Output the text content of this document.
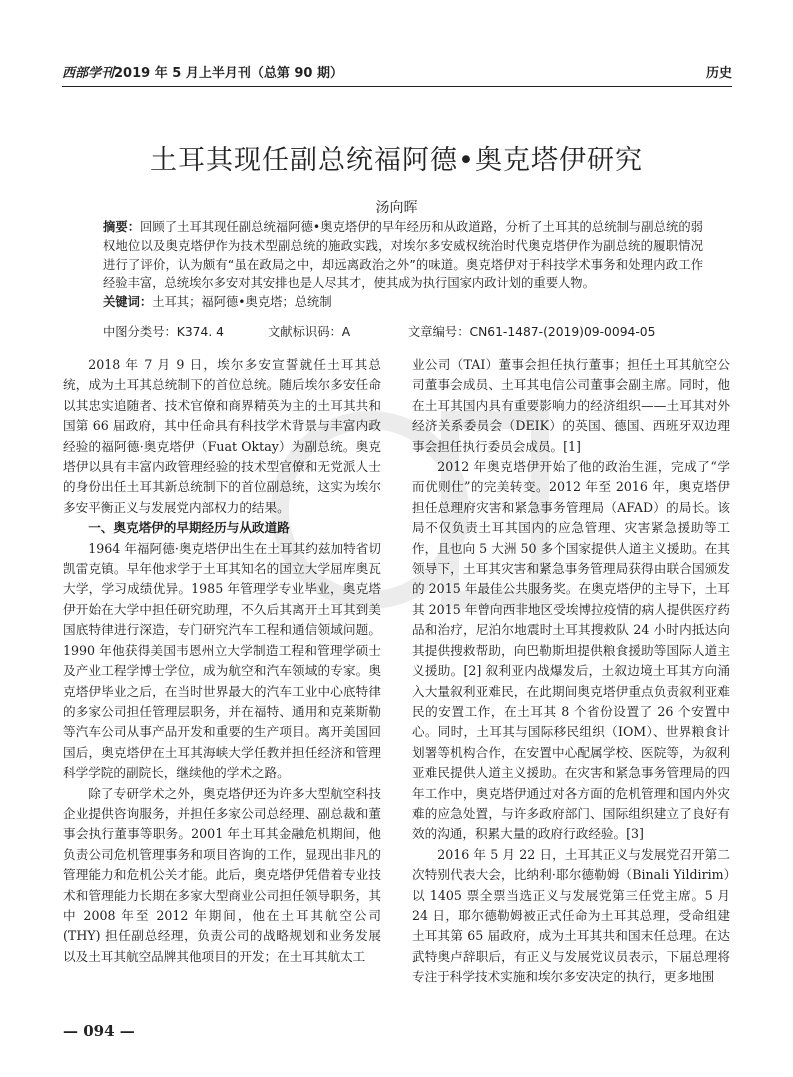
西部学刊2019 年 5 月上半月刊（总第 90 期）	历史
土耳其现任副总统福阿德•奥克塔伊研究
汤向晖
摘要：回顾了土耳其现任副总统福阿德•奥克塔伊的早年经历和从政道路，分析了土耳其的总统制与副总统的弱权地位以及奥克塔伊作为技术型副总统的施政实践，对埃尔多安威权统治时代奥克塔伊作为副总统的履职情况进行了评价，认为颇有“虽在政局之中，却远离政治之外”的味道。奥克塔伊对于科技学术事务和处理内政工作经验丰富，总统埃尔多安对其安排也是人尽其才，使其成为执行国家内政计划的重要人物。
关键词：土耳其；福阿德•奥克塔；总统制
中图分类号：K374. 4	文献标识码：A	文章编号：CN61-1487-(2019)09-0094-05

2018 年 7 月 9 日，埃尔多安宣誓就任土耳其总统，成为土耳其总统制下的首位总统。随后埃尔多安任命以其忠实追随者、技术官僚和商界精英为主的土耳其共和国第 66 届政府，其中任命具有科技学术背景与丰富内政经验的福阿德·奥克塔伊（Fuat Oktay）为副总统。奥克塔伊以具有丰富内政管理经验的技术型官僚和无党派人士的身份出任土耳其新总统制下的首位副总统，这实为埃尔多安平衡正义与发展党内部权力的结果。

一、奥克塔伊的早期经历与从政道路

1964 年福阿德·奥克塔伊出生在土耳其约兹加特省切凯雷克镇。早年他求学于土耳其知名的国立大学屈库奥瓦大学，学习成绩优异。1985 年管理学专业毕业，奥克塔伊开始在大学中担任研究助理，不久后其离开土耳其到美国底特律进行深造，专门研究汽车工程和通信领域问题。1990 年他获得美国韦恩州立大学制造工程和管理学硕士及产业工程学博士学位，成为航空和汽车领域的专家。奥克塔伊毕业之后，在当时世界最大的汽车工业中心底特律的多家公司担任管理层职务，并在福特、通用和克莱斯勒等汽车公司从事产品开发和重要的生产项目。离开美国回国后，奥克塔伊在土耳其海峡大学任教并担任经济和管理科学学院的副院长，继续他的学术之路。

除了专研学术之外，奥克塔伊还为许多大型航空科技企业提供咨询服务，并担任多家公司总经理、副总裁和董事会执行董事等职务。2001 年土耳其金融危机期间，他负责公司危机管理事务和项目咨询的工作，显现出非凡的管理能力和危机公关才能。此后，奥克塔伊凭借着专业技术和管理能力长期在多家大型商业公司担任领导职务，其中 2008 年至 2012 年期间，他在土耳其航空公司(THY) 担任副总经理，负责公司的战略规划和业务发展以及土耳其航空品牌其他项目的开发；在土耳其航太工

业公司（TAI）董事会担任执行董事；担任土耳其航空公司董事会成员、土耳其电信公司董事会副主席。同时，他在土耳其国内具有重要影响力的经济组织——土耳其对外经济关系委员会（DEIK）的英国、德国、西班牙双边理事会担任执行委员会成员。[1]

2012 年奥克塔伊开始了他的政治生涯，完成了“学而优则仕”的完美转变。2012 年至 2016 年，奥克塔伊担任总理府灾害和紧急事务管理局（AFAD）的局长。该局不仅负责土耳其国内的应急管理、灾害紧急援助等工作，且也向 5 大洲 50 多个国家提供人道主义援助。在其领导下，土耳其灾害和紧急事务管理局获得由联合国颁发的 2015 年最佳公共服务奖。在奥克塔伊的主导下，土耳其 2015 年曾向西非地区受埃博拉疫情的病人提供医疗药品和治疗，尼泊尔地震时土耳其搜救队 24 小时内抵达向其提供搜救帮助，向巴勒斯坦提供粮食援助等国际人道主义援助。[2] 叙利亚内战爆发后，土叙边境土耳其方向涌入大量叙利亚难民，在此期间奥克塔伊重点负责叙利亚难民的安置工作，在土耳其 8 个省份设置了 26 个安置中心。同时，土耳其与国际移民组织（IOM）、世界粮食计划署等机构合作，在安置中心配属学校、医院等，为叙利亚难民提供人道主义援助。在灾害和紧急事务管理局的四年工作中，奥克塔伊通过对各方面的危机管理和国内外灾难的应急处置，与许多政府部门、国际组织建立了良好有效的沟通，积累大量的政府行政经验。[3]

2016 年 5 月 22 日，土耳其正义与发展党召开第二次特别代表大会，比纳利·耶尔德勒姆（Binali Yildirim）以 1405 票全票当选正义与发展党第三任党主席。5 月 24 日，耶尔德勒姆被正式任命为土耳其总理，受命组建土耳其第 65 届政府，成为土耳其共和国末任总理。在达武特奥卢辞职后，有正义与发展党议员表示，下届总理将专注于科学技术实施和埃尔多安决定的执行，更多地围

— 094 —
